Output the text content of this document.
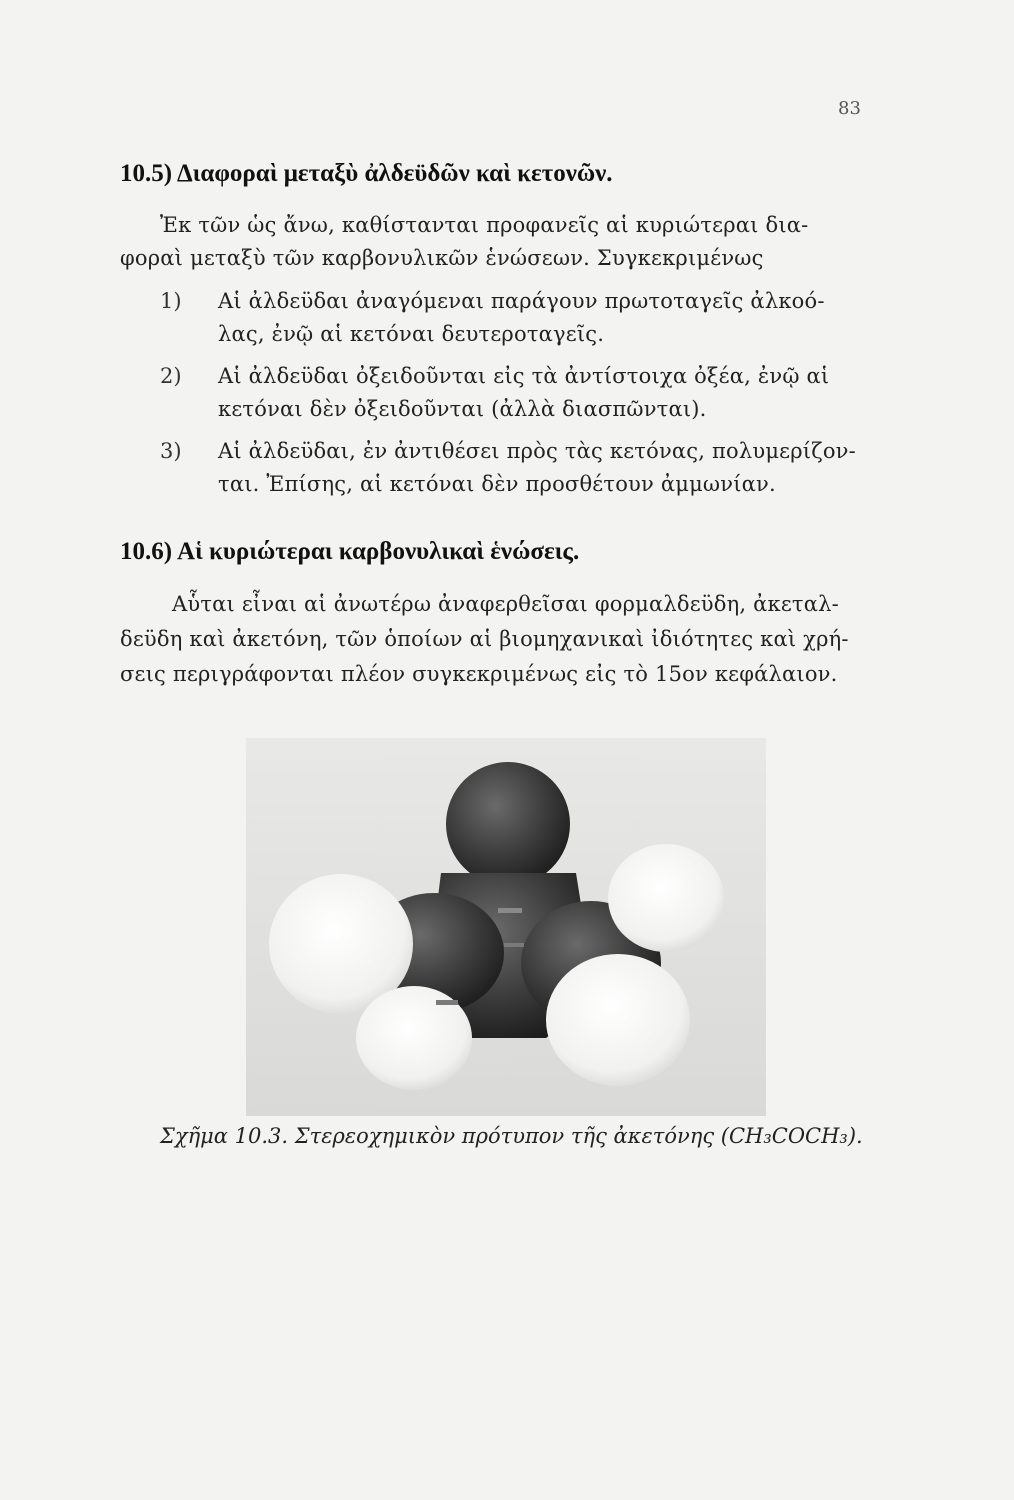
83
10.5) Διαφοραὶ μεταξὺ ἀλδεϋδῶν καὶ κετονῶν.
Ἐκ τῶν ὡς ἄνω, καθίστανται προφανεῖς αἱ κυριώτεραι δια-
φοραὶ μεταξὺ τῶν καρβονυλικῶν ἑνώσεων. Συγκεκριμένως
1) Αἱ ἀλδεϋδαι ἀναγόμεναι παράγουν πρωτοταγεῖς ἀλκοό-
λας, ἐνῷ αἱ κετόναι δευτεροταγεῖς.
2) Αἱ ἀλδεϋδαι ὀξειδοῦνται εἰς τὰ ἀντίστοιχα ὀξέα, ἐνῷ αἱ
κετόναι δὲν ὀξειδοῦνται (ἀλλὰ διασπῶνται).
3) Αἱ ἀλδεϋδαι, ἐν ἀντιθέσει πρὸς τὰς κετόνας, πολυμερίζον-
ται. Ἐπίσης, αἱ κετόναι δὲν προσθέτουν ἀμμωνίαν.
10.6) Αἱ κυριώτεραι καρβονυλικαὶ ἑνώσεις.
Αὗται εἶναι αἱ ἀνωτέρω ἀναφερθεῖσαι φορμαλδεϋδη, ἀκεταλ-
δεϋδη καὶ ἀκετόνη, τῶν ὁποίων αἱ βιομηχανικαὶ ἰδιότητες καὶ χρή-
σεις περιγράφονται πλέον συγκεκριμένως εἰς τὸ 15ον κεφάλαιον.
Σχῆμα 10.3. Στερεοχημικὸν πρότυπον τῆς ἀκετόνης (CH₃COCH₃).
